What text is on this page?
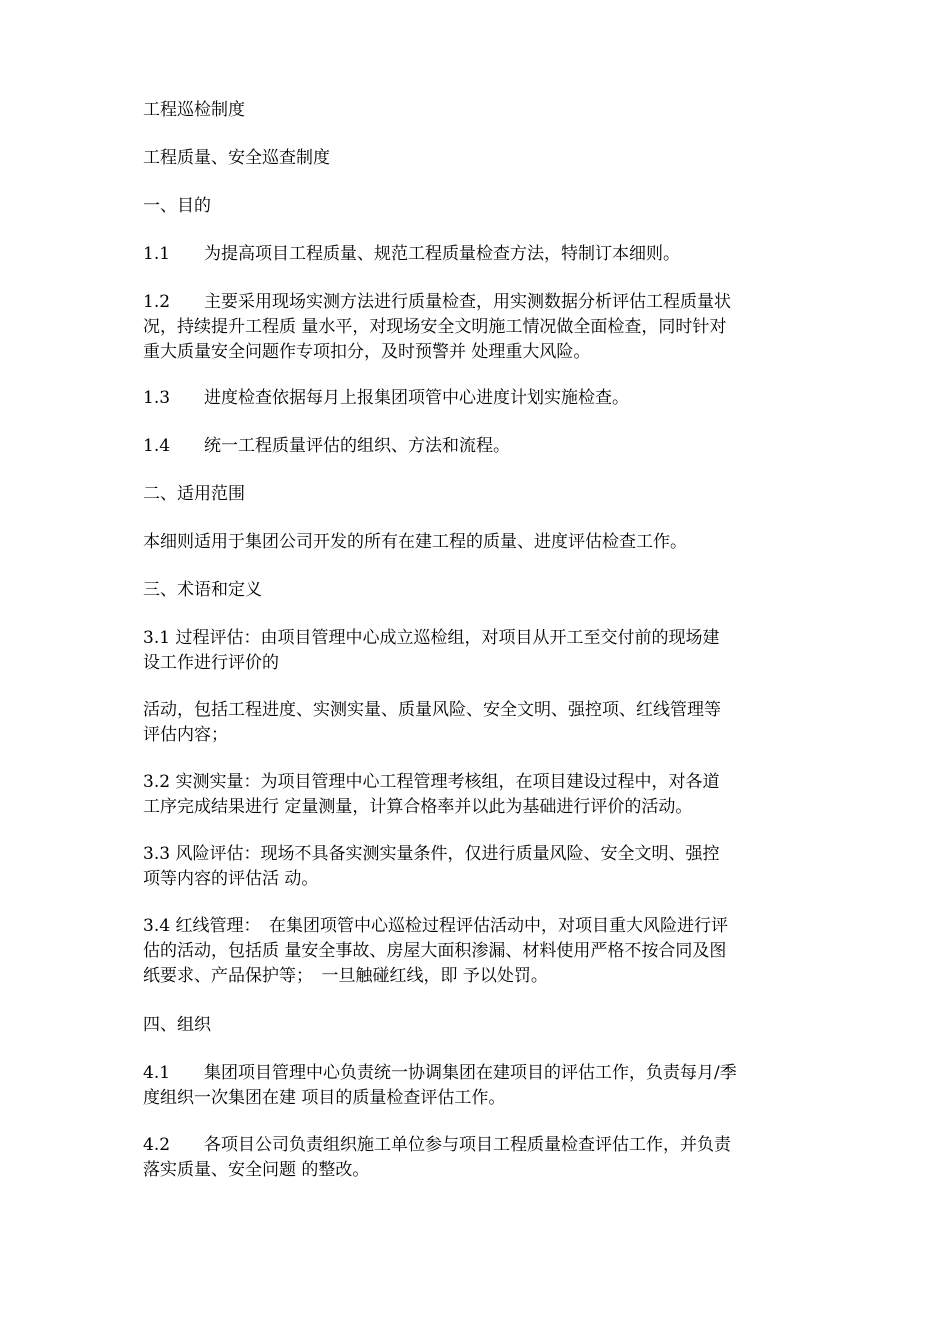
工程巡检制度

工程质量、安全巡查制度

一、目的

1.1　　为提高项目工程质量、规范工程质量检查方法，特制订本细则。

1.2　　主要采用现场实测方法进行质量检查，用实测数据分析评估工程质量状
况，持续提升工程质 量水平，对现场安全文明施工情况做全面检查，同时针对
重大质量安全问题作专项扣分，及时预警并 处理重大风险。

1.3　　进度检查依据每月上报集团项管中心进度计划实施检查。

1.4　　统一工程质量评估的组织、方法和流程。

二、适用范围

本细则适用于集团公司开发的所有在建工程的质量、进度评估检查工作。

三、术语和定义

3.1 过程评估：由项目管理中心成立巡检组，对项目从开工至交付前的现场建
设工作进行评价的

活动，包括工程进度、实测实量、质量风险、安全文明、强控项、红线管理等
评估内容；

3.2 实测实量：为项目管理中心工程管理考核组，在项目建设过程中，对各道
工序完成结果进行 定量测量，计算合格率并以此为基础进行评价的活动。

3.3 风险评估：现场不具备实测实量条件，仅进行质量风险、安全文明、强控
项等内容的评估活 动。

3.4 红线管理：　在集团项管中心巡检过程评估活动中，对项目重大风险进行评
估的活动，包括质 量安全事故、房屋大面积渗漏、材料使用严格不按合同及图
纸要求、产品保护等；　一旦触碰红线，即 予以处罚。

四、组织

4.1　　集团项目管理中心负责统一协调集团在建项目的评估工作，负责每月/季
度组织一次集团在建 项目的质量检查评估工作。

4.2　　各项目公司负责组织施工单位参与项目工程质量检查评估工作，并负责
落实质量、安全问题 的整改。
